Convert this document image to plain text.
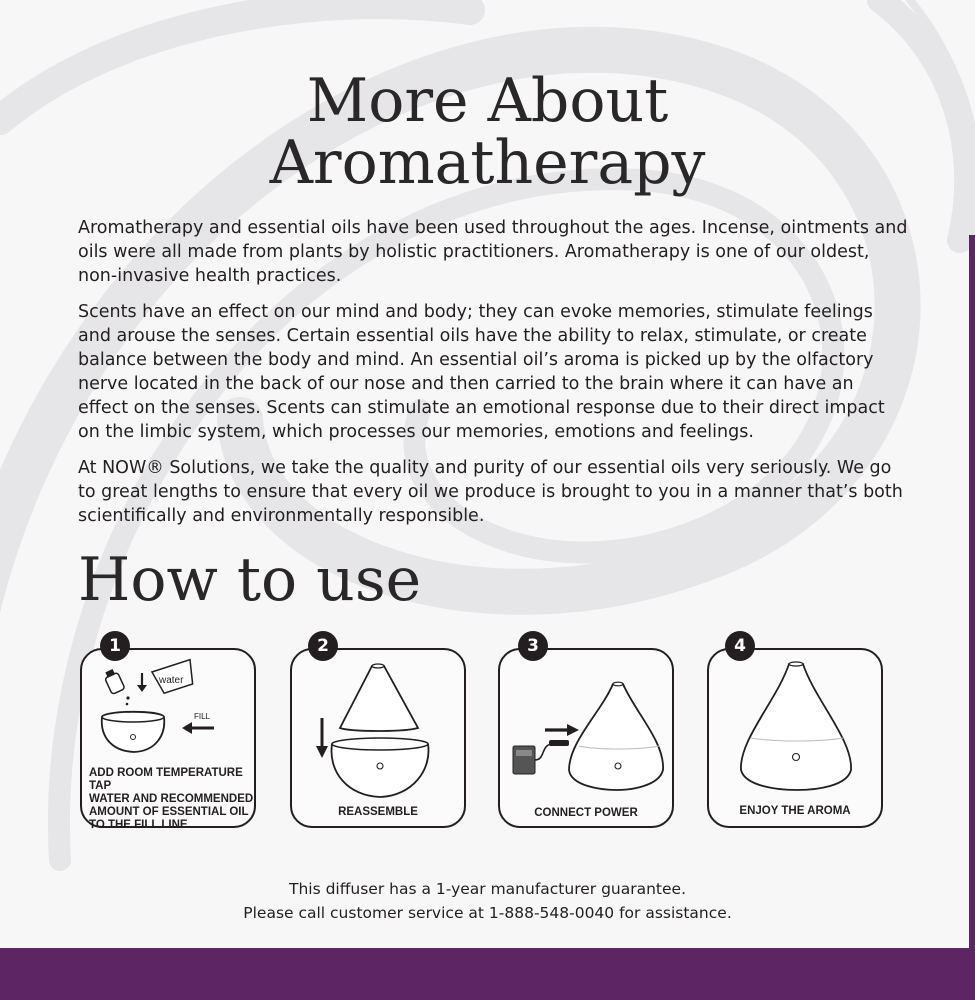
More About
Aromatherapy

Aromatherapy and essential oils have been used throughout the ages. Incense, ointments and oils were all made from plants by holistic practitioners. Aromatherapy is one of our oldest, non-invasive health practices.

Scents have an effect on our mind and body; they can evoke memories, stimulate feelings and arouse the senses. Certain essential oils have the ability to relax, stimulate, or create balance between the body and mind. An essential oil’s aroma is picked up by the olfactory nerve located in the back of our nose and then carried to the brain where it can have an effect on the senses. Scents can stimulate an emotional response due to their direct impact on the limbic system, which processes our memories, emotions and feelings.

At NOW® Solutions, we take the quality and purity of our essential oils very seriously. We go to great lengths to ensure that every oil we produce is brought to you in a manner that’s both scientifically and environmentally responsible.

How to use
1
water
FILL
ADD ROOM TEMPERATURE TAP
WATER AND RECOMMENDED
AMOUNT OF ESSENTIAL OIL
TO THE FILL LINE.
2
REASSEMBLE
3
CONNECT POWER
4
ENJOY THE AROMA
This diffuser has a 1-year manufacturer guarantee.
Please call customer service at 1-888-548-0040 for assistance.
